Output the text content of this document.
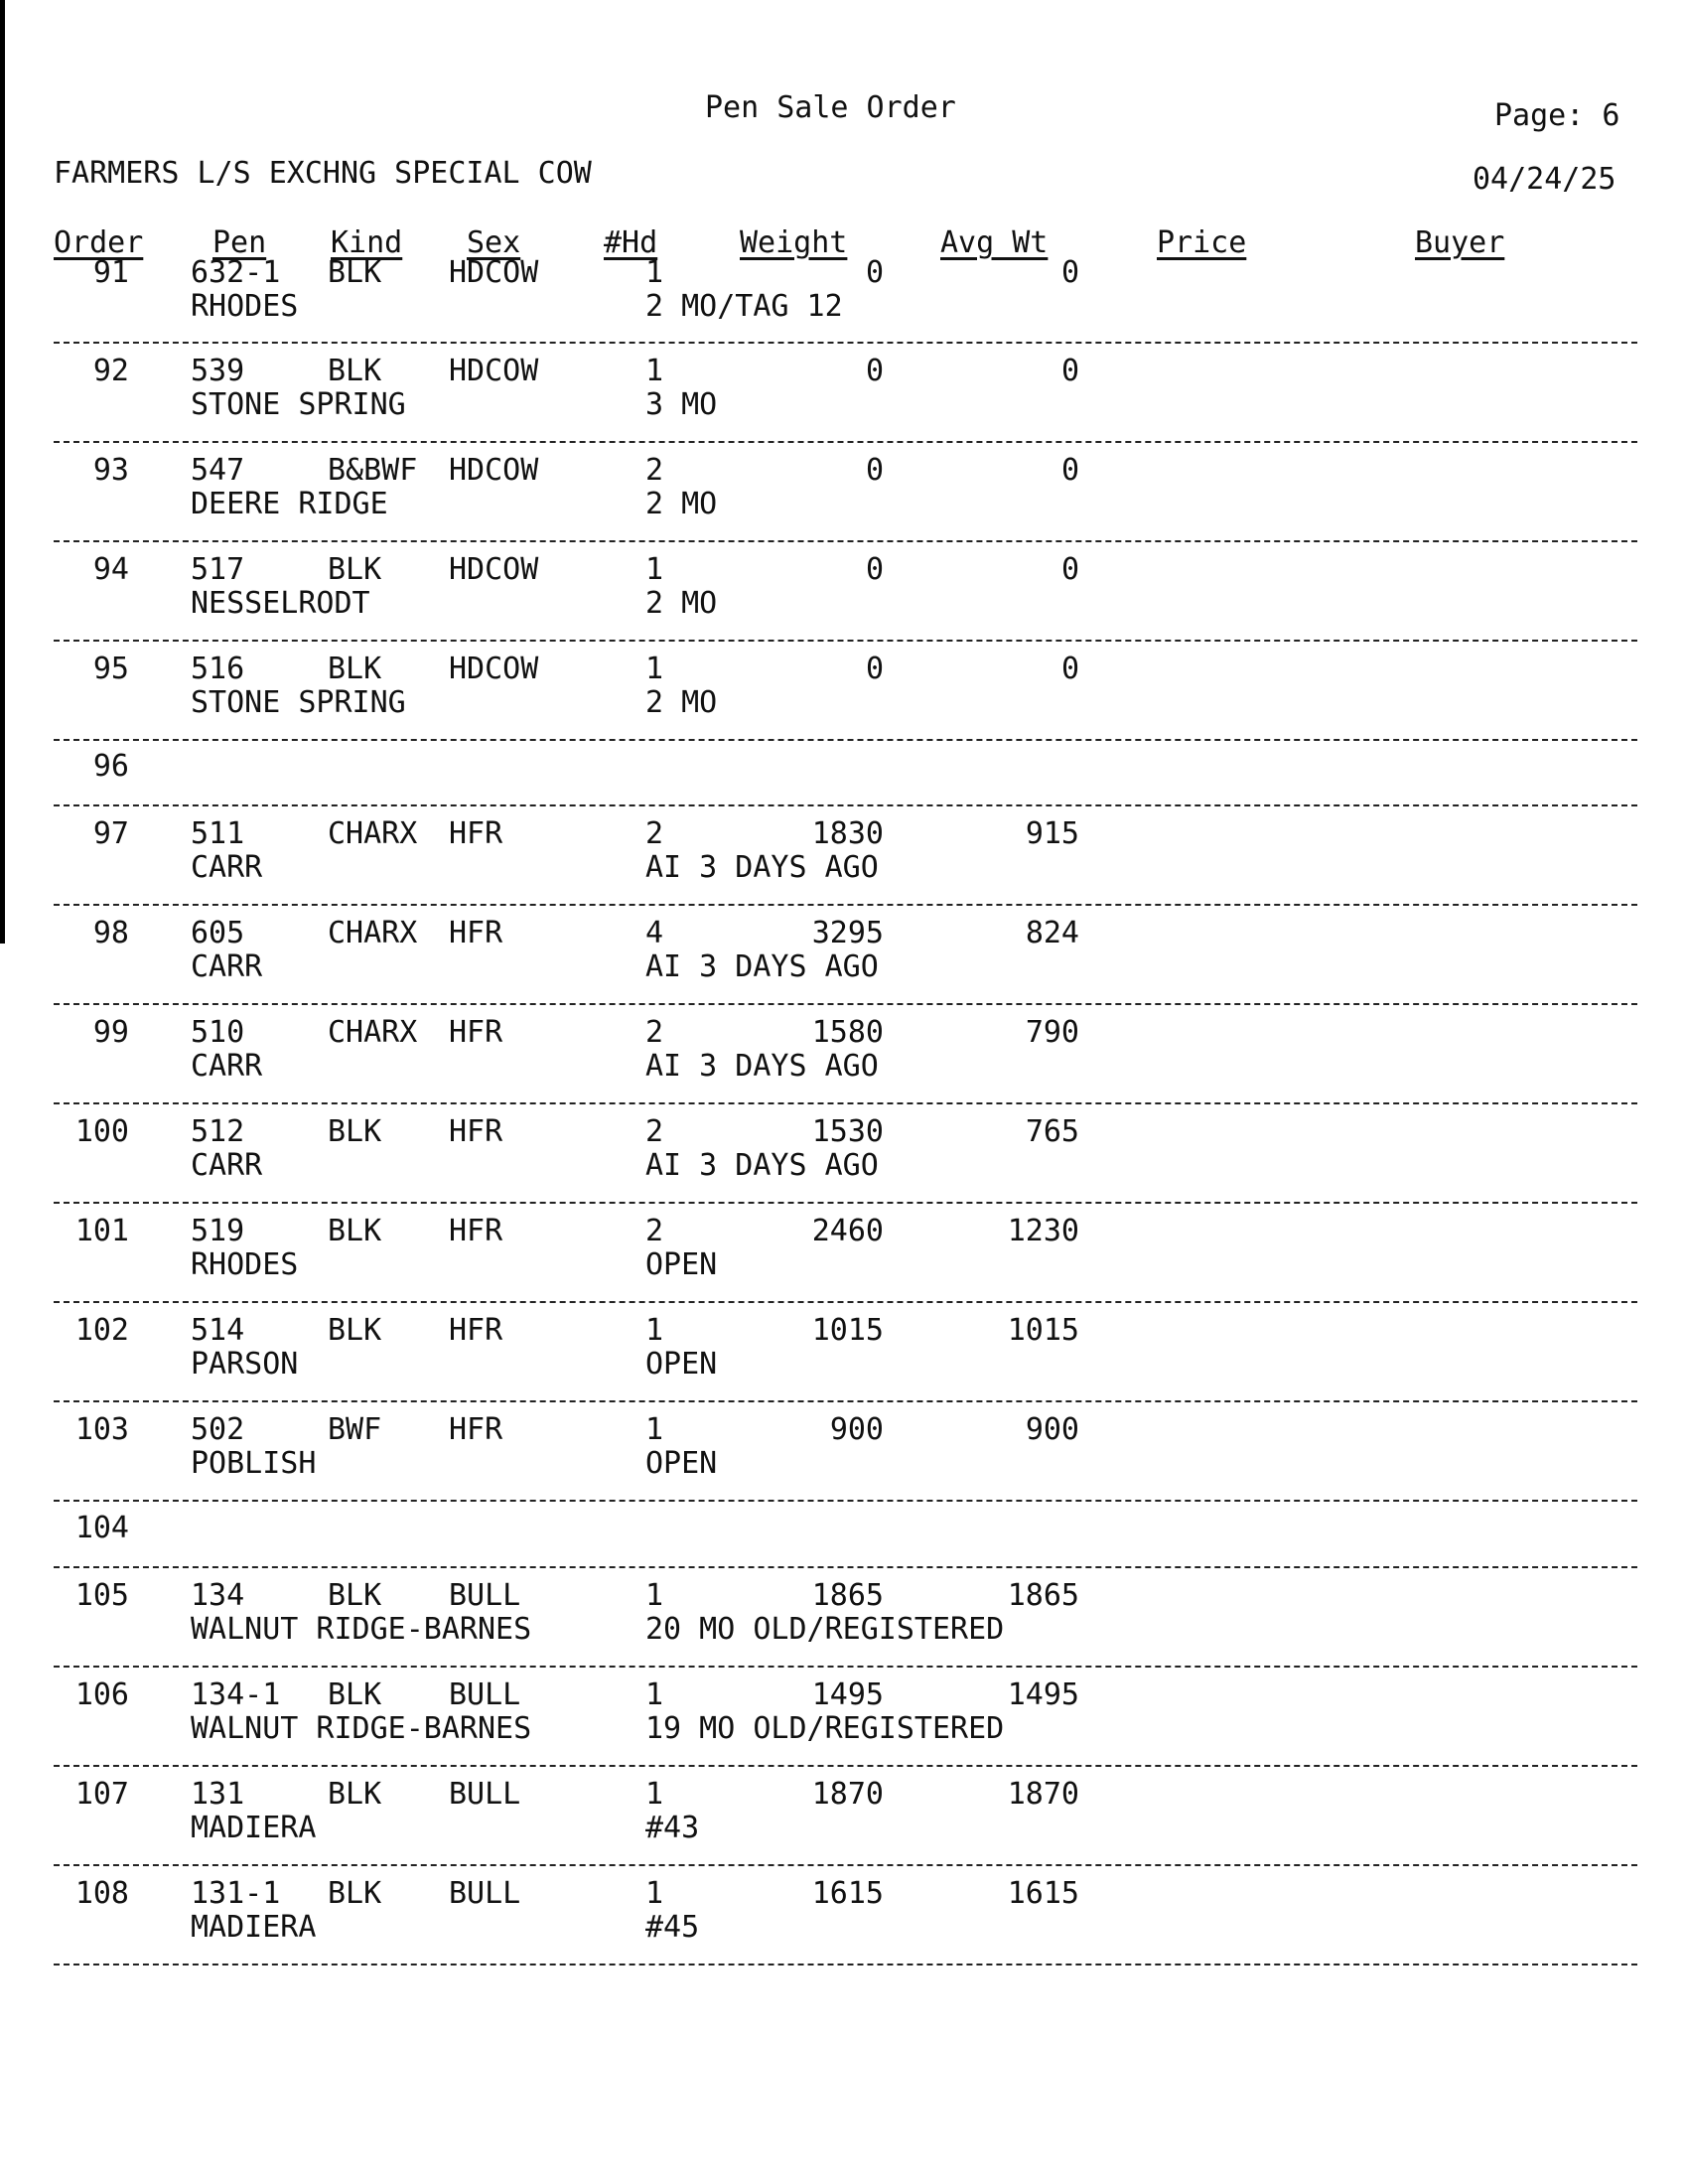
Pen Sale Order	Page: 6
FARMERS L/S EXCHNG SPECIAL COW	04/24/25
Order Pen Kind Sex	#Hd	Weight	Avg Wt	Price	Buyer
91 632-1 BLK HDCOW	1	0	0
RHODES	2 MO/TAG 12
92 539	BLK HDCOW	1	0	0
STONE SPRING	3 MO
93 547	B&BWF HDCOW	2	0	0
DEERE RIDGE	2 MO
94 517	BLK HDCOW	1	0	0
NESSELRODT	2 MO
95 516	BLK HDCOW	1	0	0
STONE SPRING	2 MO
96
97 511	CHARX HFR	2	1830	915
CARR	AI 3 DAYS AGO
98 605	CHARX HFR	4	3295	824
CARR	AI 3 DAYS AGO
99 510	CHARX HFR	2	1580	790
CARR	AI 3 DAYS AGO
100 512	BLK HFR	2	1530	765
CARR	AI 3 DAYS AGO
101 519	BLK HFR	2	2460	1230
RHODES	OPEN
102 514	BLK HFR	1	1015	1015
PARSON	OPEN
103 502	BWF HFR	1	900	900
POBLISH	OPEN
104
105 134	BLK BULL	1	1865	1865
WALNUT RIDGE-BARNES	20 MO OLD/REGISTERED
106 134-1 BLK BULL	1	1495	1495
WALNUT RIDGE-BARNES	19 MO OLD/REGISTERED
107 131	BLK BULL	1	1870	1870
MADIERA	#43
108 131-1 BLK BULL	1	1615	1615
MADIERA	#45
